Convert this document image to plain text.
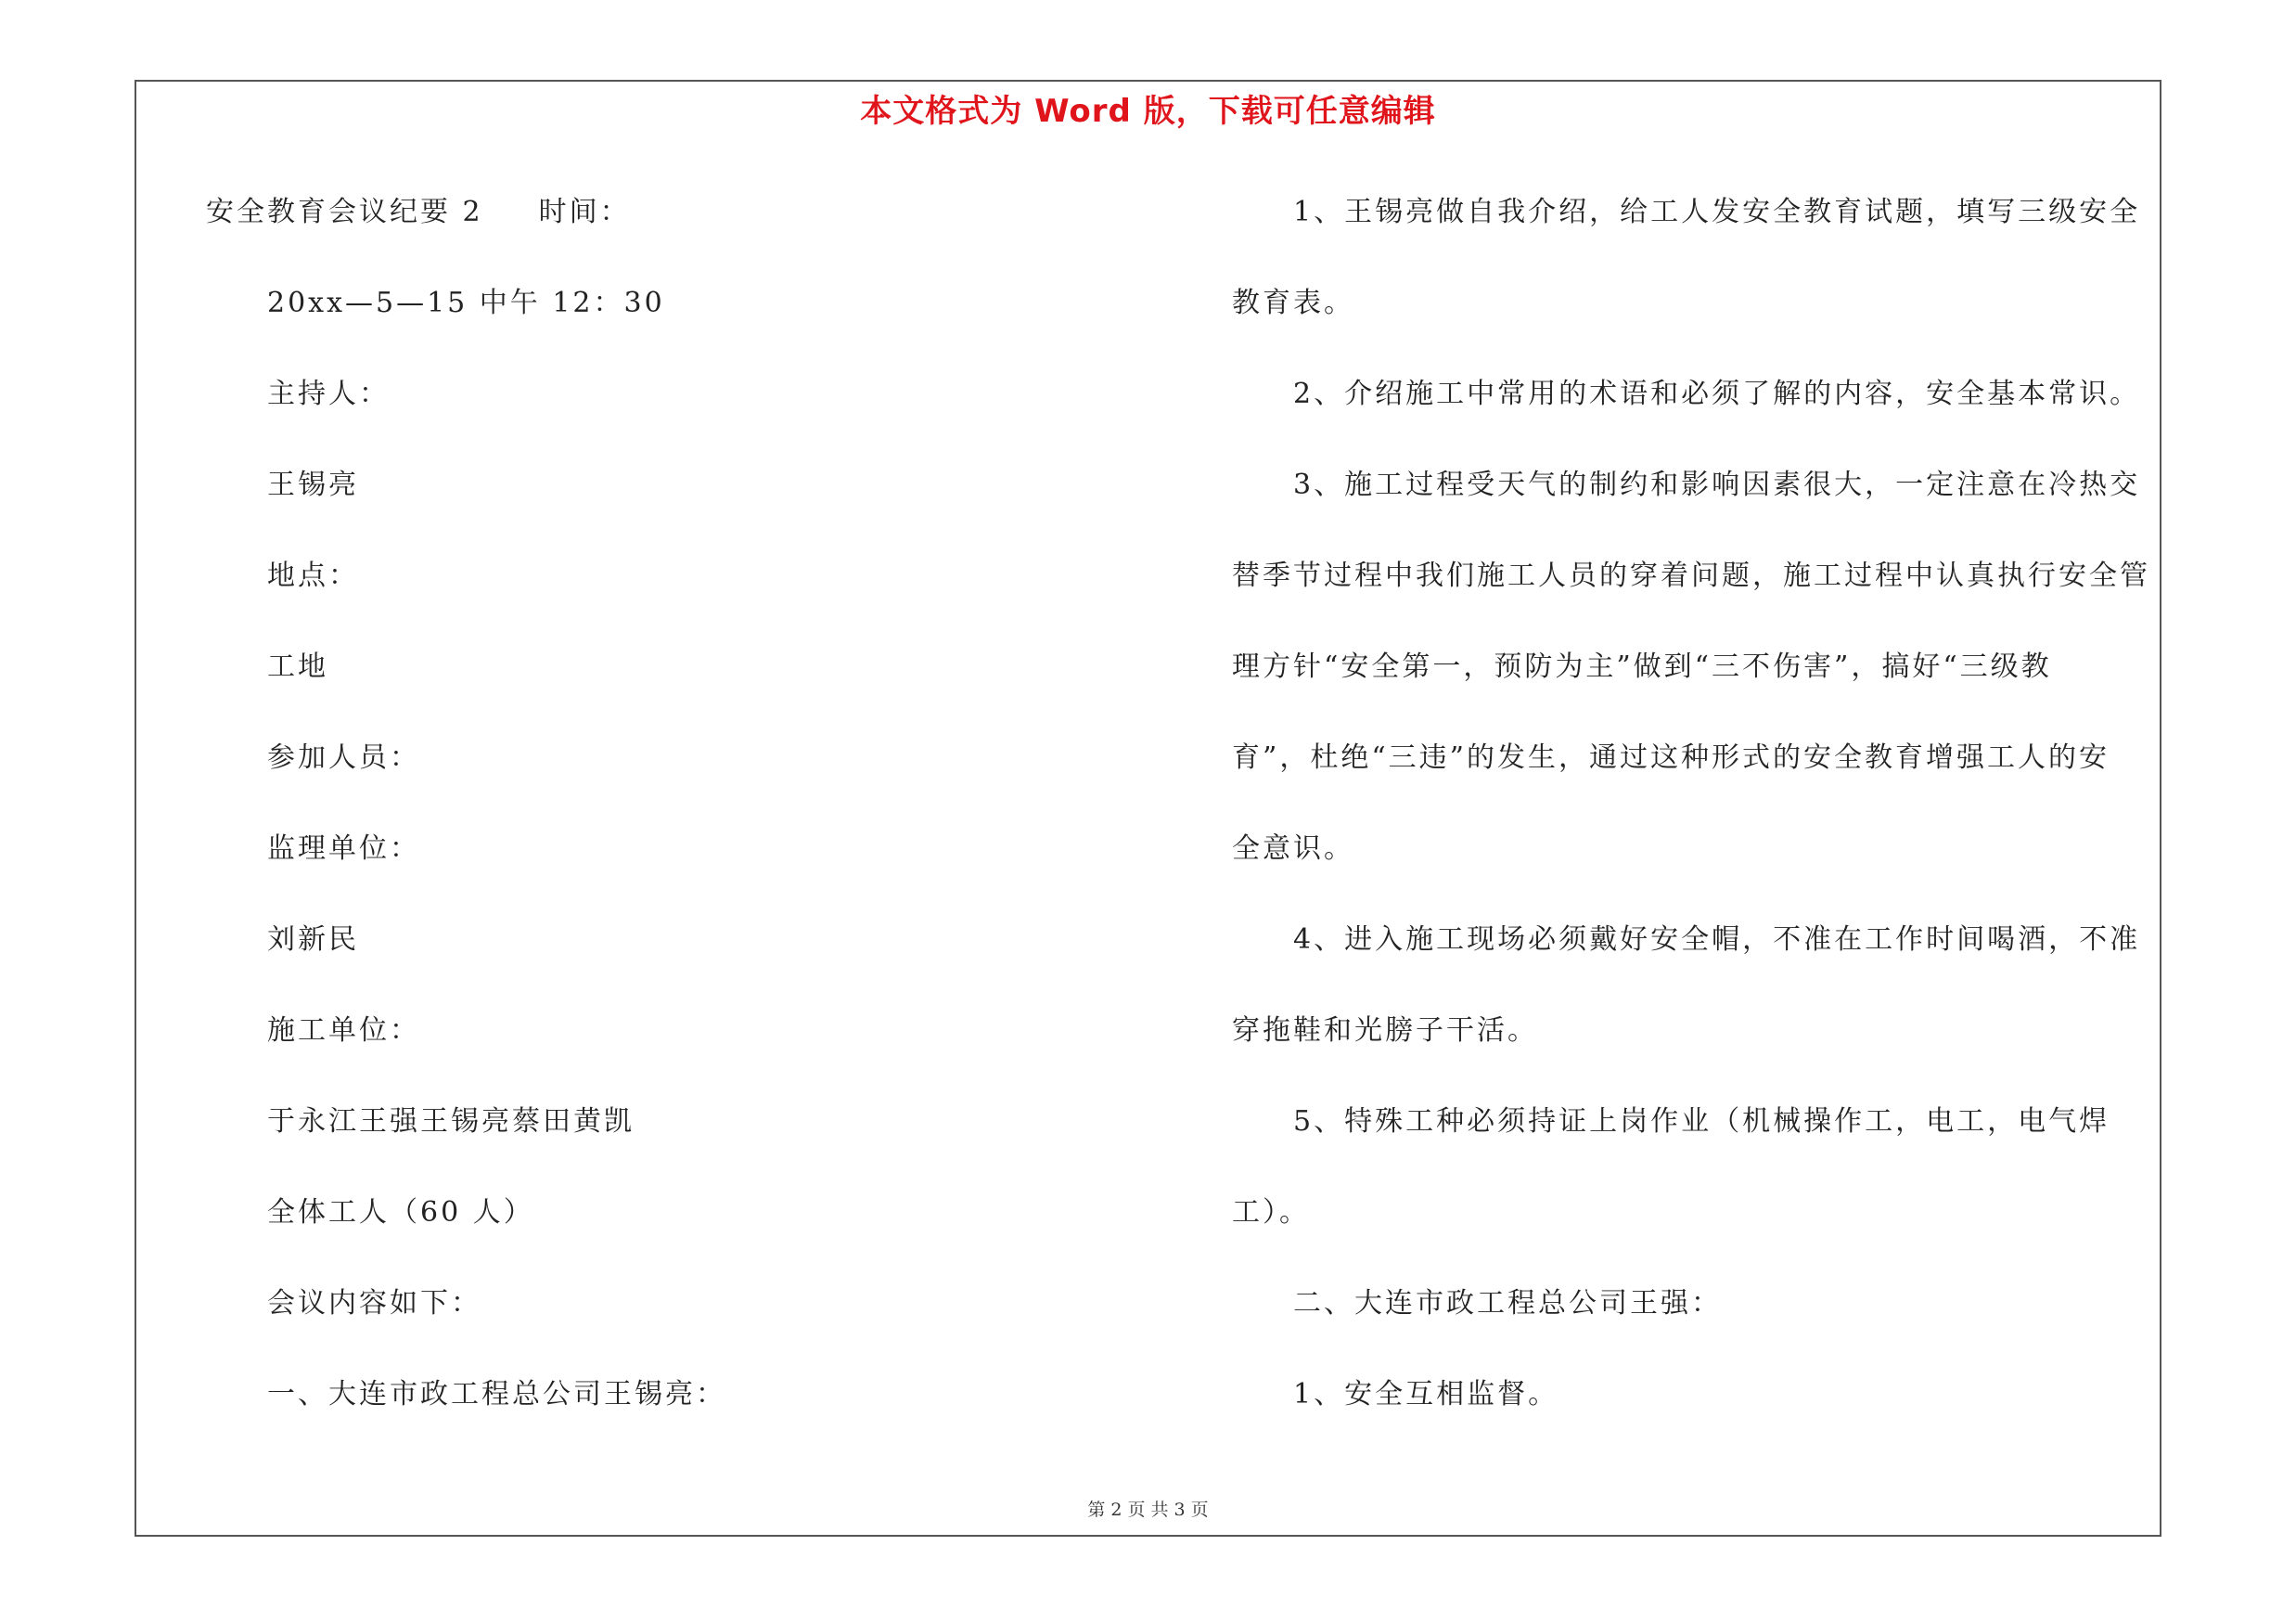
本文格式为 Word 版，下载可任意编辑
安全教育会议纪要 2 时间：
20xx—5—15 中午 12：30
主持人：
王锡亮
地点：
工地
参加人员：
监理单位：
刘新民
施工单位：
于永江王强王锡亮蔡田黄凯
全体工人（60 人）
会议内容如下：
一、大连市政工程总公司王锡亮：
1、王锡亮做自我介绍，给工人发安全教育试题，填写三级安全
教育表。
2、介绍施工中常用的术语和必须了解的内容，安全基本常识。
3、施工过程受天气的制约和影响因素很大，一定注意在冷热交
替季节过程中我们施工人员的穿着问题，施工过程中认真执行安全管
理方针“安全第一，预防为主”做到“三不伤害”，搞好“三级教
育”，杜绝“三违”的发生，通过这种形式的安全教育增强工人的安
全意识。
4、进入施工现场必须戴好安全帽，不准在工作时间喝酒，不准
穿拖鞋和光膀子干活。
5、特殊工种必须持证上岗作业（机械操作工，电工，电气焊
工）。
二、大连市政工程总公司王强：
1、安全互相监督。
第 2 页 共 3 页
